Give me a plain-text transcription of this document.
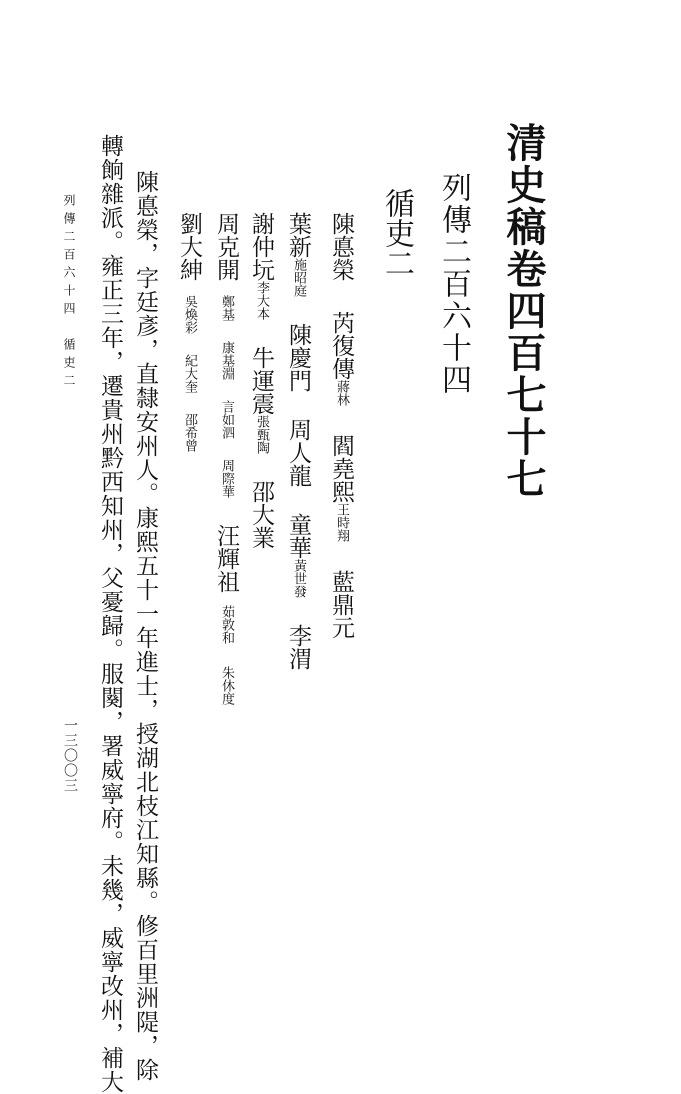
清史稿卷四百七十七
列傳二百六十四
循吏二
陳悳榮芮復傳蔣林閻堯熙王時翔藍鼎元
葉新施昭庭陳慶門周人龍童華黃世發李渭
謝仲坃李大本牛運震張甄陶邵大業
周克開鄭基康基淵言如泗周際華汪輝祖茹敦和朱休度
劉大紳吳煥彩紀大奎邵希曾
陳悳榮，字廷彥，直隸安州人。康熙五十一年進士，授湖北枝江知縣。修百里洲隄，除
轉餉雜派。雍正三年，遷貴州黔西知州，父憂歸。服闋，署威寧府。未幾，威寧改州，補大
列傳二百六十四　循吏二
一三〇〇三
